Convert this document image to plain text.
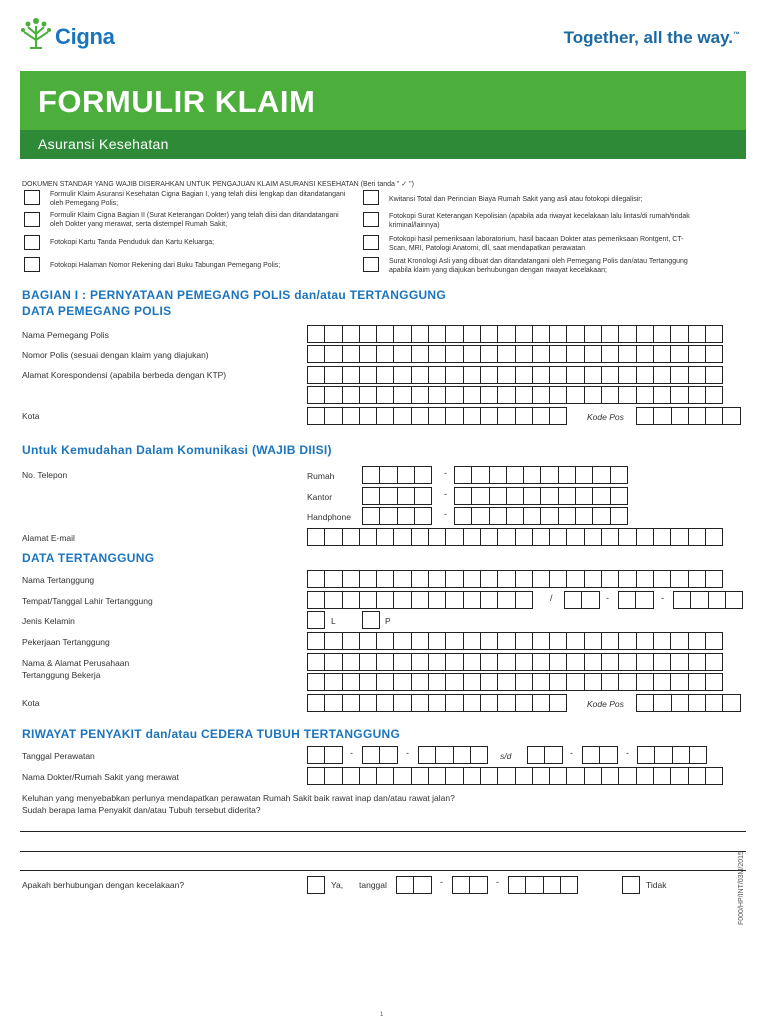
Cigna	Together, all the way.™
FORMULIR KLAIM
Asuransi Kesehatan
DOKUMEN STANDAR YANG WAJIB DISERAHKAN UNTUK PENGAJUAN KLAIM ASURANSI KESEHATAN (Beri tanda " ✓ ")
Formulir Klaim Asuransi Kesehatan Cigna Bagian I, yang telah diisi lengkap dan ditandatangani oleh Pemegang Polis;
Formulir Klaim Cigna Bagian II (Surat Keterangan Dokter) yang telah diisi dan ditandatangani oleh Dokter yang merawat, serta distempel Rumah Sakit;
Fotokopi Kartu Tanda Penduduk dan Kartu Keluarga;
Fotokopi Halaman Nomor Rekening dari Buku Tabungan Pemegang Polis;
Kwitansi Total dan Perincian Biaya Rumah Sakit yang asli atau fotokopi dilegalisir;
Fotokopi Surat Keterangan Kepolisian (apabila ada riwayat kecelakaan lalu lintas/di rumah/tindak kriminal/lainnya)
Fotokopi hasil pemeriksaan laboratorium, hasil bacaan Dokter atas pemeriksaan Rontgent, CT-Scan, MRI, Patologi Anatomi, dll, saat mendapatkan perawatan
Surat Kronologi Asli yang dibuat dan ditandatangani oleh Pemegang Polis dan/atau Tertanggung apabila klaim yang diajukan berhubungan dengan riwayat kecelakaan;
BAGIAN I : PERNYATAAN PEMEGANG POLIS dan/atau TERTANGGUNG
DATA PEMEGANG POLIS
Nama Pemegang Polis
Nomor Polis (sesuai dengan klaim yang diajukan)
Alamat Korespondensi (apabila berbeda dengan KTP)
Kota	Kode Pos
Untuk Kemudahan Dalam Komunikasi (WAJIB DIISI)
No. Telepon	Rumah	-
Kantor	-
Handphone	-
Alamat E-mail
DATA TERTANGGUNG
Nama Tertanggung
Tempat/Tanggal Lahir Tertanggung	/	-	-
Jenis Kelamin	L	P
Pekerjaan Tertanggung
Nama & Alamat Perusahaan
Tertanggung Bekerja
Kota	Kode Pos
RIWAYAT PENYAKIT dan/atau CEDERA TUBUH TERTANGGUNG
Tanggal Perawatan	-	-	s/d	-	-
Nama Dokter/Rumah Sakit yang merawat
Keluhan yang menyebabkan perlunya mendapatkan perawatan Rumah Sakit baik rawat inap dan/atau rawat jalan?
Sudah berapa lama Penyakit dan/atau Tubuh tersebut diderita?
Apakah berhubungan dengan kecelakaan?	Ya, tanggal	-	-	Tidak	F000/HP/INT/03M/2015
1
